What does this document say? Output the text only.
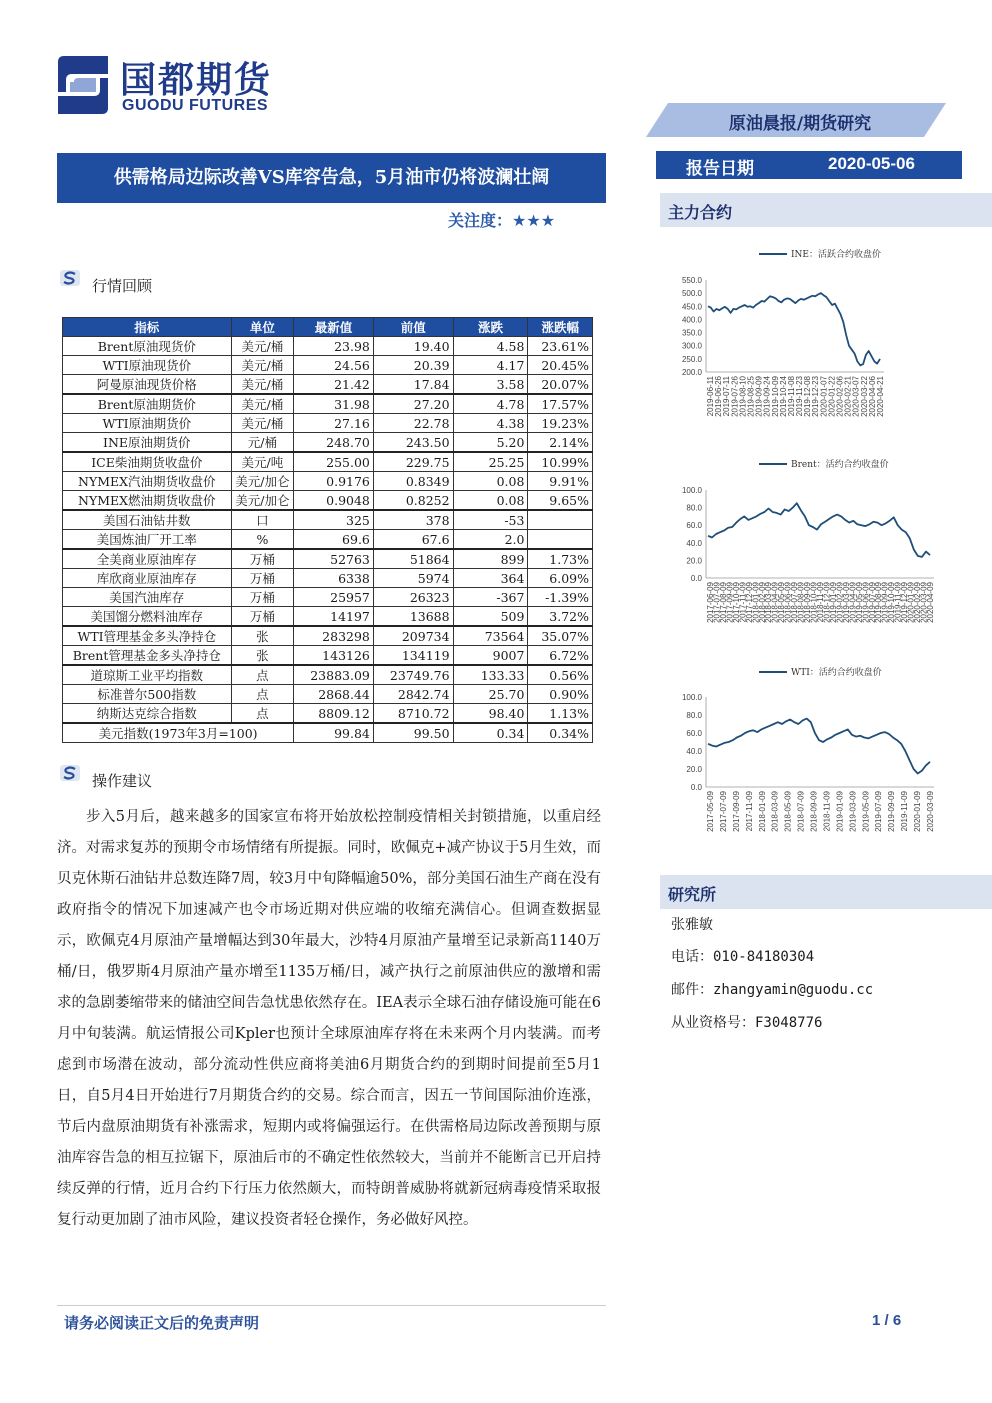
国都期货
GUODU FUTURES
原油晨报/期货研究
供需格局边际改善VS库容告急，5月油市仍将波澜壮阔
关注度：★★★
报告日期	2020-05-06
主力合约
行情回顾
指标	单位	最新值	前值	涨跌	涨跌幅
Brent原油现货价	美元/桶	23.98	19.40	4.58	23.61%
WTI原油现货价	美元/桶	24.56	20.39	4.17	20.45%
阿曼原油现货价格	美元/桶	21.42	17.84	3.58	20.07%
Brent原油期货价	美元/桶	31.98	27.20	4.78	17.57%
WTI原油期货价	美元/桶	27.16	22.78	4.38	19.23%
INE原油期货价	元/桶	248.70	243.50	5.20	2.14%
ICE柴油期货收盘价	美元/吨	255.00	229.75	25.25	10.99%
NYMEX汽油期货收盘价	美元/加仑	0.9176	0.8349	0.08	9.91%
NYMEX燃油期货收盘价	美元/加仑	0.9048	0.8252	0.08	9.65%
美国石油钻井数	口	325	378	-53	
美国炼油厂开工率	%	69.6	67.6	2.0	
全美商业原油库存	万桶	52763	51864	899	1.73%
库欣商业原油库存	万桶	6338	5974	364	6.09%
美国汽油库存	万桶	25957	26323	-367	-1.39%
美国馏分燃料油库存	万桶	14197	13688	509	3.72%
WTI管理基金多头净持仓	张	283298	209734	73564	35.07%
Brent管理基金多头净持仓	张	143126	134119	9007	6.72%
道琼斯工业平均指数	点	23883.09	23749.76	133.33	0.56%
标准普尔500指数	点	2868.44	2842.74	25.70	0.90%
纳斯达克综合指数	点	8809.12	8710.72	98.40	1.13%
美元指数(1973年3月=100)		99.84	99.50	0.34	0.34%
操作建议
步入5月后，越来越多的国家宣布将开始放松控制疫情相关封锁措施，以重启经济。对需求复苏的预期令市场情绪有所提振。同时，欧佩克+减产协议于5月生效，而贝克休斯石油钻井总数连降7周，较3月中旬降幅逾50%，部分美国石油生产商在没有政府指令的情况下加速减产也令市场近期对供应端的收缩充满信心。但调查数据显示，欧佩克4月原油产量增幅达到30年最大，沙特4月原油产量增至记录新高1140万桶/日，俄罗斯4月原油产量亦增至1135万桶/日，减产执行之前原油供应的激增和需求的急剧萎缩带来的储油空间告急忧患依然存在。IEA表示全球石油存储设施可能在6月中旬装满。航运情报公司Kpler也预计全球原油库存将在未来两个月内装满。而考虑到市场潜在波动，部分流动性供应商将美油6月期货合约的到期时间提前至5月1日，自5月4日开始进行7月期货合约的交易。综合而言，因五一节间国际油价连涨，节后内盘原油期货有补涨需求，短期内或将偏强运行。在供需格局边际改善预期与原油库容告急的相互拉锯下，原油后市的不确定性依然较大，当前并不能断言已开启持续反弹的行情，近月合约下行压力依然颇大，而特朗普威胁将就新冠病毒疫情采取报复行动更加剧了油市风险，建议投资者轻仓操作，务必做好风控。
INE：活跃合约收盘价
550.0
500.0
450.0
400.0
350.0
300.0
250.0
200.0
2019-06-11 2019-06-26 2019-07-11 2019-07-26 2019-08-10 2019-08-25 2019-09-09 2019-09-24 2019-10-09 2019-10-24 2019-11-08 2019-11-23 2019-12-08 2019-12-23 2020-01-07 2020-01-22 2020-02-06 2020-02-21 2020-03-07 2020-03-22 2020-04-06 2020-04-21
Brent：活约合约收盘价
100.0
80.0
60.0
40.0
20.0
0.0
2017-06-09
2017-07-09
2017-08-09
2017-09-09
2017-10-09
2017-11-09
2017-12-09
2018-01-09
2018-02-09
2018-03-09
2018-04-09
2018-05-09
2018-06-09
2018-07-09
2018-08-09
2018-09-09
2018-10-09
2018-11-09
2018-12-09
2019-01-09
2019-02-09
2019-03-09
2019-04-09
2019-05-09
2019-06-09
2019-07-09
2019-08-09
2019-09-09
2019-10-09
2019-11-09
2019-12-09
2020-01-09
2020-02-09
2020-03-09
2020-04-09
WTI：活约合约收盘价
100.0
80.0
60.0
40.0
20.0
0.0
2017-05-09 2017-07-09 2017-09-09 2017-11-09 2018-01-09 2018-03-09 2018-05-09 2018-07-09 2018-09-09 2018-11-09 2019-01-09 2019-03-09 2019-05-09 2019-07-09 2019-09-09 2019-11-09 2020-01-09 2020-03-09
研究所
张雅敏
电话：010-84180304
邮件：zhangyamin@guodu.cc
从业资格号：F3048776
请务必阅读正文后的免责声明	1 / 6
